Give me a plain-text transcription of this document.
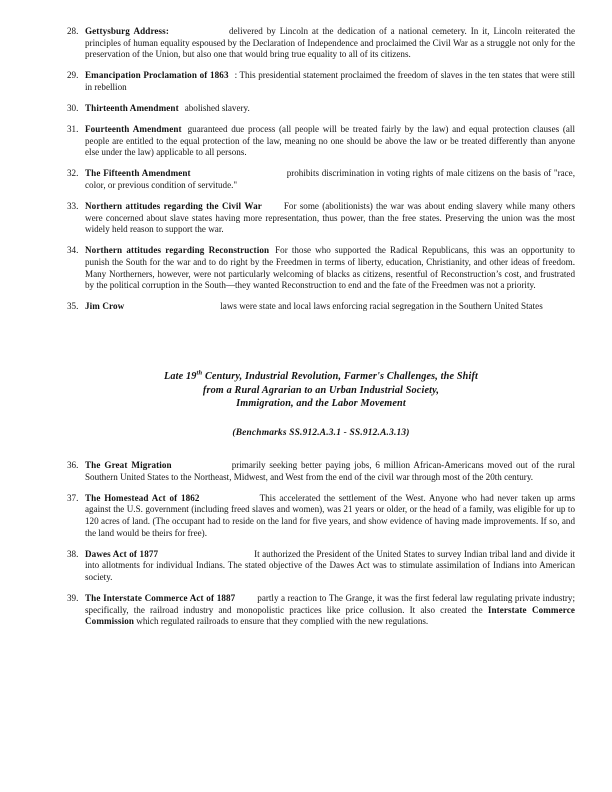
28. Gettysburg Address:	delivered by Lincoln at the dedication of a national cemetery. In it, Lincoln reiterated the principles of human equality espoused by the Declaration of Independence and proclaimed the Civil War as a struggle not only for the preservation of the Union, but also one that would bring true equality to all of its citizens.
29. Emancipation Proclamation of 1863 : This presidential statement proclaimed the freedom of slaves in the ten states that were still in rebellion
30. Thirteenth Amendment abolished slavery.
31. Fourteenth Amendment guaranteed due process (all people will be treated fairly by the law) and equal protection clauses (all people are entitled to the equal protection of the law, meaning no one should be above the law or be treated differently than anyone else under the law) applicable to all persons.
32. The Fifteenth Amendment	prohibits discrimination in voting rights of male citizens on the basis of "race, color, or previous condition of servitude."
33. Northern attitudes regarding the Civil War For some (abolitionists) the war was about ending slavery while many others were concerned about slave states having more representation, thus power, than the free states. Preserving the union was the most widely held reason to support the war.
34. Northern attitudes regarding Reconstruction For those who supported the Radical Republicans, this was an opportunity to punish the South for the war and to do right by the Freedmen in terms of liberty, education, Christianity, and other ideas of freedom. Many Northerners, however, were not particularly welcoming of blacks as citizens, resentful of Reconstruction’s cost, and frustrated by the political corruption in the South—they wanted Reconstruction to end and the fate of the Freedmen was not a priority.
35. Jim Crow	laws were state and local laws enforcing racial segregation in the Southern United States
Late 19th Century, Industrial Revolution, Farmer's Challenges, the Shift
from a Rural Agrarian to an Urban Industrial Society,
Immigration, and the Labor Movement
(Benchmarks SS.912.A.3.1 - SS.912.A.3.13)
36. The Great Migration	primarily seeking better paying jobs, 6 million African-Americans moved out of the rural Southern United States to the Northeast, Midwest, and West from the end of the civil war through most of the 20th century.
37. The Homestead Act of 1862	This accelerated the settlement of the West. Anyone who had never taken up arms against the U.S. government (including freed slaves and women), was 21 years or older, or the head of a family, was eligible for up to 120 acres of land. (The occupant had to reside on the land for five years, and show evidence of having made improvements. If so, and the land would be theirs for free).
38. Dawes Act of 1877	It authorized the President of the United States to survey Indian tribal land and divide it into allotments for individual Indians. The stated objective of the Dawes Act was to stimulate assimilation of Indians into American society.
39. The Interstate Commerce Act of 1887 partly a reaction to The Grange, it was the first federal law regulating private industry; specifically, the railroad industry and monopolistic practices like price collusion. It also created the Interstate Commerce Commission which regulated railroads to ensure that they complied with the new regulations.
